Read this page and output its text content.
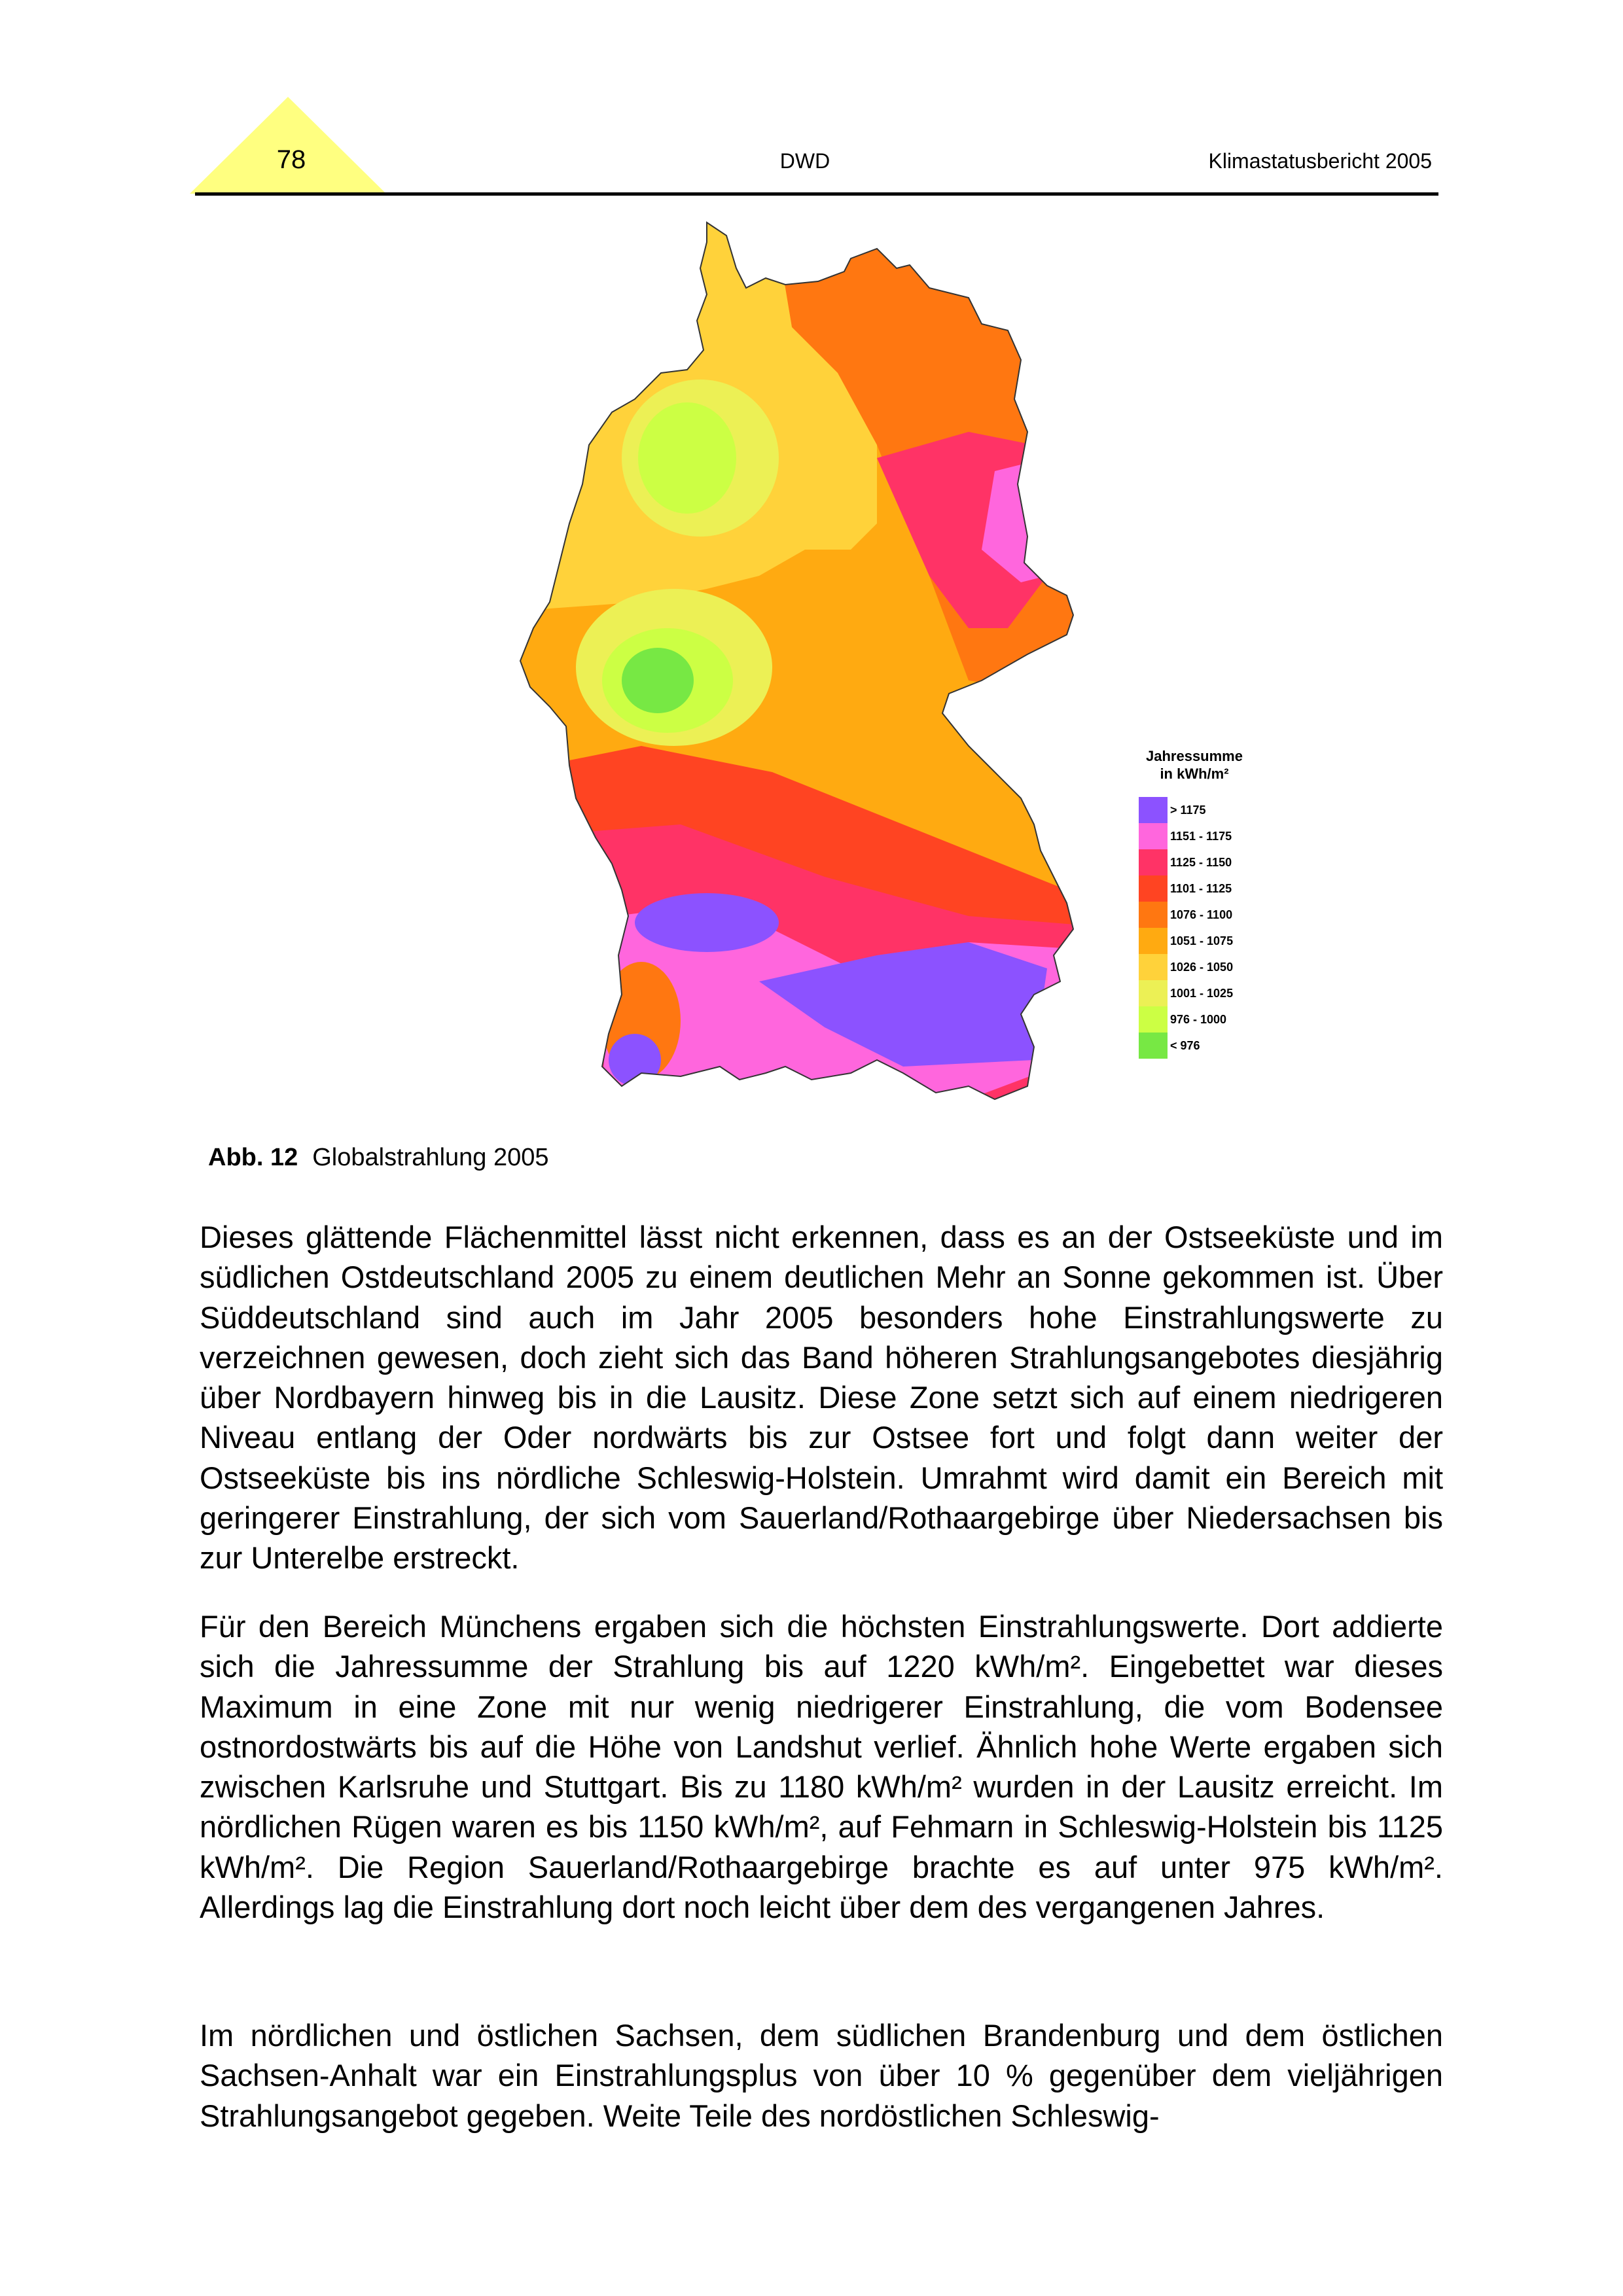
78	DWD	Klimastatusbericht 2005
Jahressumme
in kWh/m²
> 1175
1151 - 1175
1125 - 1150
1101 - 1125
1076 - 1100
1051 - 1075
1026 - 1050
1001 - 1025
976 - 1000
< 976
Abb. 12 Globalstrahlung 2005

Dieses glättende Flächenmittel lässt nicht erkennen, dass es an der Ostseeküste und im südlichen Ostdeutschland 2005 zu einem deutlichen Mehr an Sonne gekommen ist. Über Süddeutschland sind auch im Jahr 2005 besonders hohe Einstrahlungswerte zu verzeichnen gewesen, doch zieht sich das Band höheren Strahlungsangebotes diesjährig über Nordbayern hinweg bis in die Lausitz. Diese Zone setzt sich auf einem niedrigeren Niveau entlang der Oder nordwärts bis zur Ostsee fort und folgt dann weiter der Ostseeküste bis ins nördliche Schleswig-Holstein. Umrahmt wird damit ein Bereich mit geringerer Einstrahlung, der sich vom Sauerland/Rothaargebirge über Niedersachsen bis zur Unterelbe erstreckt.

Für den Bereich Münchens ergaben sich die höchsten Einstrahlungswerte. Dort addierte sich die Jahressumme der Strahlung bis auf 1220 kWh/m². Eingebettet war dieses Maximum in eine Zone mit nur wenig niedrigerer Einstrahlung, die vom Bodensee ostnordostwärts bis auf die Höhe von Landshut verlief. Ähnlich hohe Werte ergaben sich zwischen Karlsruhe und Stuttgart. Bis zu 1180 kWh/m² wurden in der Lausitz erreicht. Im nördlichen Rügen waren es bis 1150 kWh/m², auf Fehmarn in Schleswig-Holstein bis 1125 kWh/m². Die Region Sauerland/Rothaargebirge brachte es auf unter 975 kWh/m². Allerdings lag die Einstrahlung dort noch leicht über dem des vergangenen Jahres.

Im nördlichen und östlichen Sachsen, dem südlichen Brandenburg und dem östlichen Sachsen-Anhalt war ein Einstrahlungsplus von über 10 % gegenüber dem vieljährigen Strahlungsangebot gegeben. Weite Teile des nordöstlichen Schleswig-
